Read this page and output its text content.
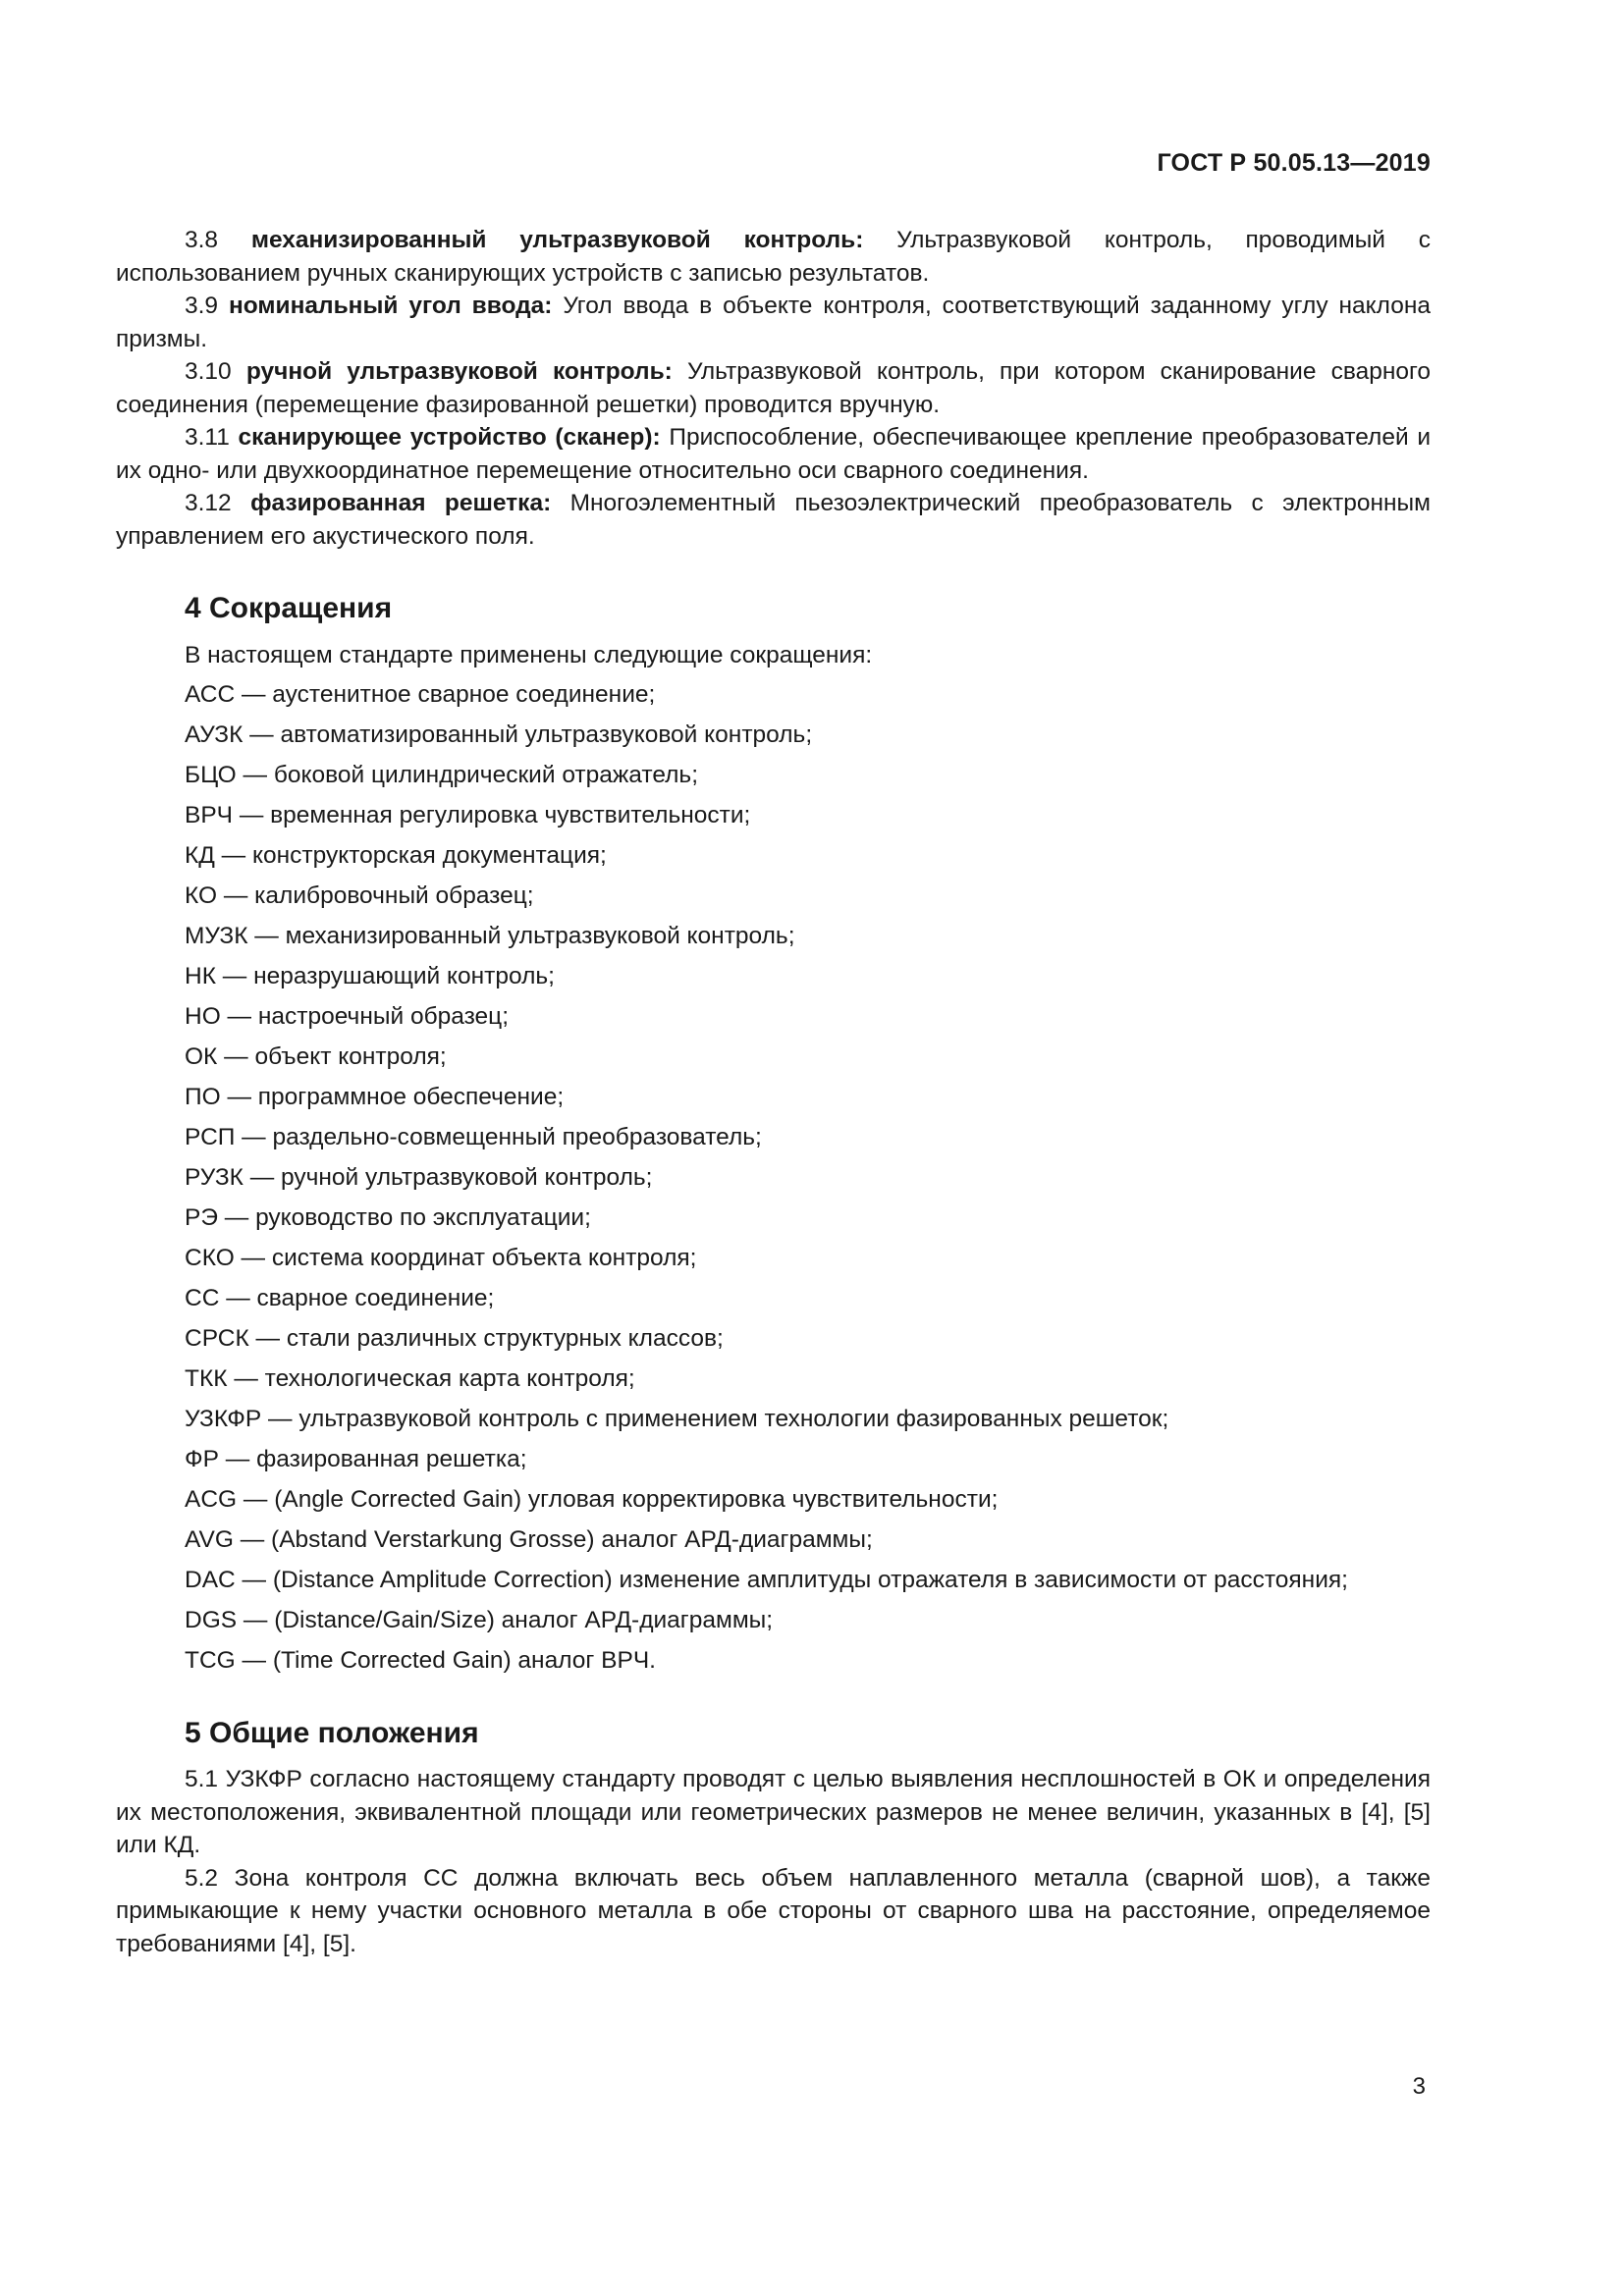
ГОСТ Р 50.05.13—2019

3.8 механизированный ультразвуковой контроль: Ультразвуковой контроль, проводимый с использованием ручных сканирующих устройств с записью результатов.

3.9 номинальный угол ввода: Угол ввода в объекте контроля, соответствующий заданному углу наклона призмы.

3.10 ручной ультразвуковой контроль: Ультразвуковой контроль, при котором сканирование сварного соединения (перемещение фазированной решетки) проводится вручную.

3.11 сканирующее устройство (сканер): Приспособление, обеспечивающее крепление преобразователей и их одно- или двухкоординатное перемещение относительно оси сварного соединения.

3.12 фазированная решетка: Многоэлементный пьезоэлектрический преобразователь с электронным управлением его акустического поля.

4 Сокращения

В настоящем стандарте применены следующие сокращения:

АСС — аустенитное сварное соединение;
АУЗК — автоматизированный ультразвуковой контроль;
БЦО — боковой цилиндрический отражатель;
ВРЧ — временная регулировка чувствительности;
КД — конструкторская документация;
КО — калибровочный образец;
МУЗК — механизированный ультразвуковой контроль;
НК — неразрушающий контроль;
НО — настроечный образец;
ОК — объект контроля;
ПО — программное обеспечение;
РСП — раздельно-совмещенный преобразователь;
РУЗК — ручной ультразвуковой контроль;
РЭ — руководство по эксплуатации;
СКО — система координат объекта контроля;
СС — сварное соединение;
СРСК — стали различных структурных классов;
ТКК — технологическая карта контроля;
УЗКФР — ультразвуковой контроль с применением технологии фазированных решеток;
ФР — фазированная решетка;
ACG — (Angle Corrected Gain) угловая корректировка чувствительности;
AVG — (Abstand Verstarkung Grosse) аналог АРД-диаграммы;
DAC — (Distance Amplitude Correction) изменение амплитуды отражателя в зависимости от расстояния;
DGS — (Distance/Gain/Size) аналог АРД-диаграммы;
TCG — (Time Corrected Gain) аналог ВРЧ.
5 Общие положения

5.1 УЗКФР согласно настоящему стандарту проводят с целью выявления несплошностей в ОК и определения их местоположения, эквивалентной площади или геометрических размеров не менее величин, указанных в [4], [5] или КД.

5.2 Зона контроля СС должна включать весь объем наплавленного металла (сварной шов), а также примыкающие к нему участки основного металла в обе стороны от сварного шва на расстояние, определяемое требованиями [4], [5].

3
